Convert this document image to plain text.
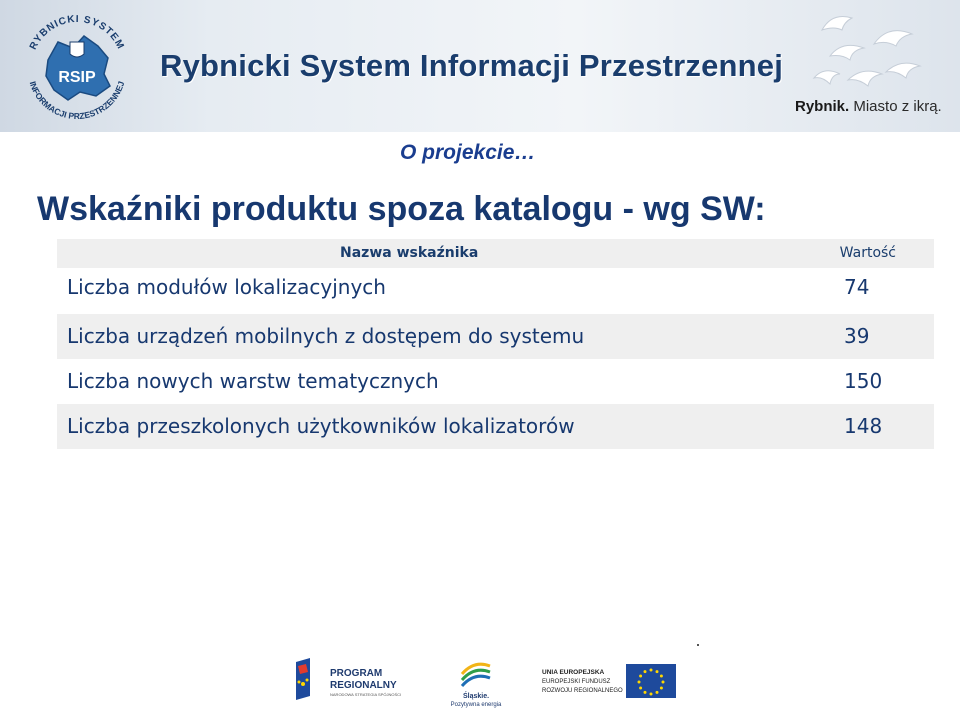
RYBNICKI SYSTEM
INFORMACJI PRZESTRZENNEJ
RSIP Rybnicki System Informacji Przestrzennej
Rybnik. Miasto z ikrą.
O projekcie…
Wskaźniki produktu spoza katalogu - wg SW:
Nazwa wskaźnika	Wartość
Liczba modułów lokalizacyjnych	74
Liczba urządzeń mobilnych z dostępem do systemu	39
Liczba nowych warstw tematycznych	150
Liczba przeszkolonych użytkowników lokalizatorów	148
PROGRAM
REGIONALNY
NARODOWA STRATEGIA SPÓJNOŚCI	Śląskie.
Pozytywna energia
UNIA EUROPEJSKA
EUROPEJSKI FUNDUSZ
ROZWOJU REGIONALNEGO
